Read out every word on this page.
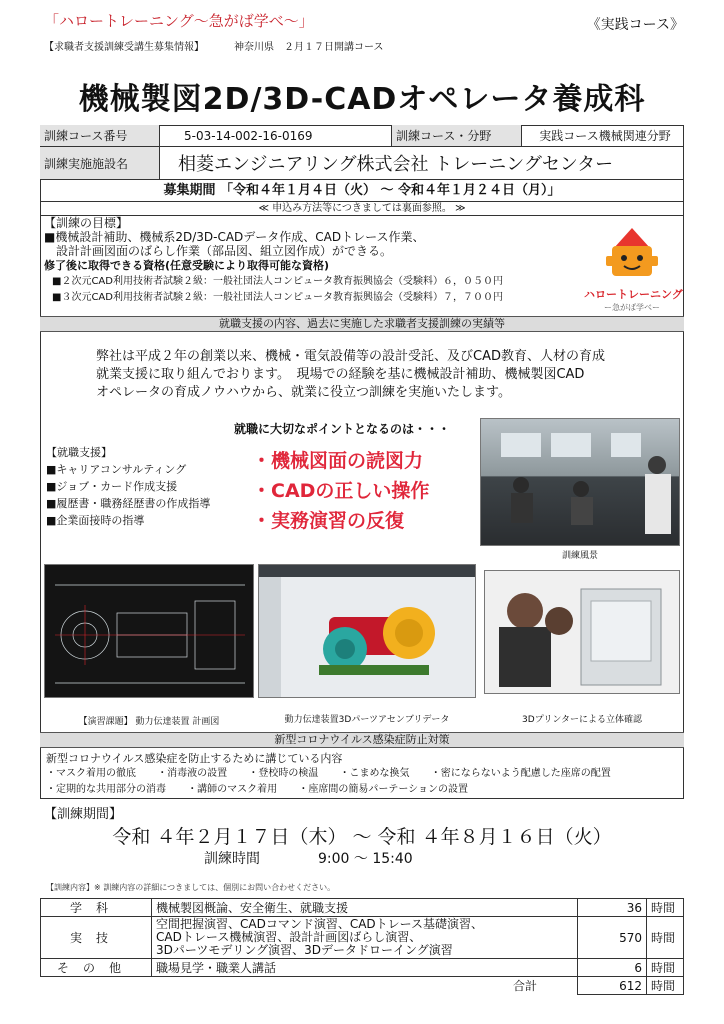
「ハロートレーニング〜急がば学べ〜」	《実践コース》
【求職者支援訓練受講生募集情報】	神奈川県　２月１７日開講コース
機械製図2D/3D-CADオペレータ養成科
訓練コース番号	5-03-14-002-16-0169	訓練コース・分野	実践コース機械関連分野
訓練実施施設名	相菱エンジニアリング株式会社 トレーニングセンター
募集期間 「令和４年１月４日（火） 〜 令和４年１月２４日（月）」
≪ 申込み方法等につきましては裏面参照。 ≫
【訓練の目標】
■機械設計補助、機械系2D/3D-CADデータ作成、CADトレース作業、
　設計計画図面のばらし作業（部品図、組立図作成）ができる。
修了後に取得できる資格(任意受験により取得可能な資格)
■２次元CAD利用技術者試験２級：一般社団法人コンピュータ教育振興協会（受験料）６，０５０円
■３次元CAD利用技術者試験２級：一般社団法人コンピュータ教育振興協会（受験料）７，７００円	ハロートレーニング
ー急がば学べー
就職支援の内容、過去に実施した求職者支援訓練の実績等
弊社は平成２年の創業以来、機械・電気設備等の設計受託、及びCAD教育、人材の育成
就業支援に取り組んでおります。　現場での経験を基に機械設計補助、機械製図CAD
オペレータの育成ノウハウから、就業に役立つ訓練を実施いたします。
就職に大切なポイントとなるのは・・・
・機械図面の読図力
・CADの正しい操作
・実務演習の反復
【就職支援】
■キャリアコンサルティング
■ジョブ・カード作成支援
■履歴書・職務経歴書の作成指導
■企業面接時の指導
訓練風景
【演習課題】 動力伝達装置 計画図	動力伝達装置3Dパーツアセンブリデータ	3Dプリンターによる立体確認
新型コロナウイルス感染症防止対策
新型コロナウイルス感染症を防止するために講じている内容
・マスク着用の徹底 ・消毒液の設置 ・登校時の検温 ・こまめな換気 ・密にならないよう配慮した座席の配置
・定期的な共用部分の消毒 ・講師のマスク着用 ・座席間の簡易パーテーションの設置
【訓練期間】
令和 ４年２月１７日（木） 〜 令和 ４年８月１６日（火）
訓練時間	9:00 〜 15:40
【訓練内容】※ 訓練内容の詳細につきましては、個別にお問い合わせください。
学科	機械製図概論、安全衛生、就職支援	36	時間
実技	空間把握演習、CADコマンド演習、CADトレース基礎演習、
CADトレース機械演習、設計計画図ばらし演習、
3Dパーツモデリング演習、3Dデータドローイング演習	570	時間
その他	職場見学・職業人講話	6	時間
	合計	612	時間
